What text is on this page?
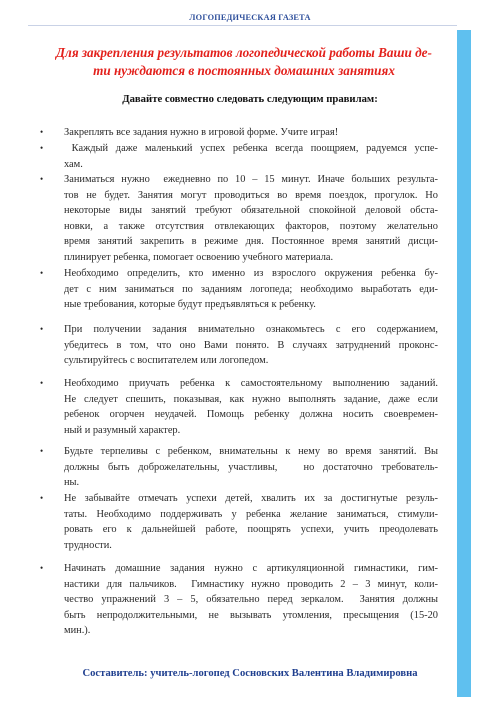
ЛОГОПЕДИЧЕСКАЯ ГАЗЕТА
Для закрепления результатов логопедической работы Ваши де-
ти нуждаются в постоянных домашних занятиях
Давайте совместно следовать следующим правилам:
• Закреплять все задания нужно в игровой форме. Учите играя!
• Каждый даже маленький успех ребенка всегда поощряем, радуемся успе-
хам.
• Заниматься нужно  ежедневно по 10 – 15 минут. Иначе больших результа-
тов не будет. Занятия могут проводиться во время поездок, прогулок. Но
некоторые виды занятий требуют обязательной спокойной деловой обста-
новки, а также отсутствия отвлекающих факторов, поэтому желательно
время занятий закрепить в режиме дня. Постоянное время занятий дисци-
плинирует ребенка, помогает освоению учебного материала.
• Необходимо определить, кто именно из взрослого окружения ребенка бу-
дет с ним заниматься по заданиям логопеда; необходимо выработать еди-
ные требования, которые будут предъявляться к ребенку.
• При получении задания внимательно ознакомьтесь с его содержанием,
убедитесь в том, что оно Вами понято. В случаях затруднений проконс-
сультируйтесь с воспитателем или логопедом.
• Необходимо приучать ребенка к самостоятельному выполнению заданий.
Не следует спешить, показывая, как нужно выполнять задание, даже если
ребенок огорчен неудачей. Помощь ребенку должна носить своевремен-
ный и разумный характер.
• Будьте терпеливы с ребенком, внимательны к нему во время занятий. Вы
должны быть доброжелательны, участливы,   но достаточно требователь-
ны.
• Не забывайте отмечать успехи детей, хвалить их за достигнутые резуль-
таты. Необходимо поддерживать у ребенка желание заниматься, стимули-
ровать его к дальнейшей работе, поощрять успехи, учить преодолевать
трудности.
• Начинать домашние задания нужно с артикуляционной гимнастики, гим-
настики для пальчиков.  Гимнастику нужно проводить 2 – 3 минут, коли-
чество упражнений 3 – 5, обязательно перед зеркалом.  Занятия должны
быть непродолжительными, не вызывать утомления, пресыщения (15-20
мин.).
Составитель: учитель-логопед Сосновских Валентина Владимировна
